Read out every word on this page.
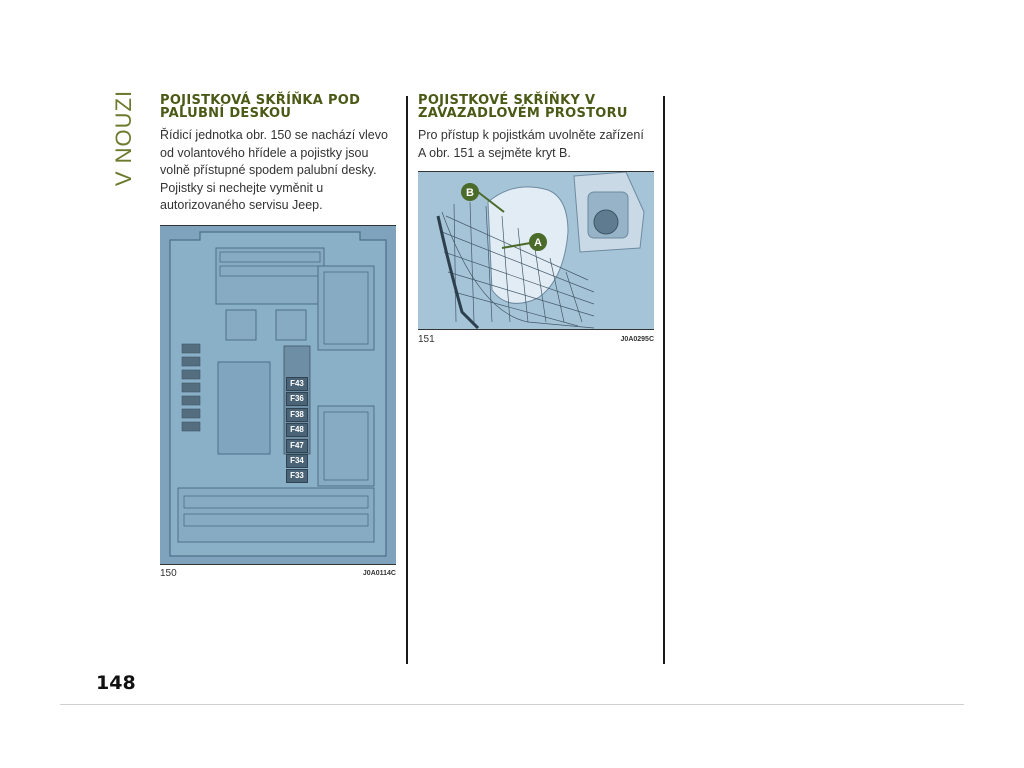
V NOUZI POJISTKOVÁ SKŘÍŇKA POD PALUBNÍ DESKOU

Řídicí jednotka obr. 150 se nachází vlevo od volantového hřídele a pojistky jsou volně přístupné spodem palubní desky.

Pojistky si nechejte vyměnit u autorizovaného servisu Jeep.

150	J0A0114C
F43
F36
F38
F48
F47
F34
F33
POJISTKOVÉ SKŘÍŇKY V ZAVAZADLOVÉM PROSTORU

Pro přístup k pojistkám uvolněte zařízení A obr. 151 a sejměte kryt B.

B
A
151	J0A0295C
148
